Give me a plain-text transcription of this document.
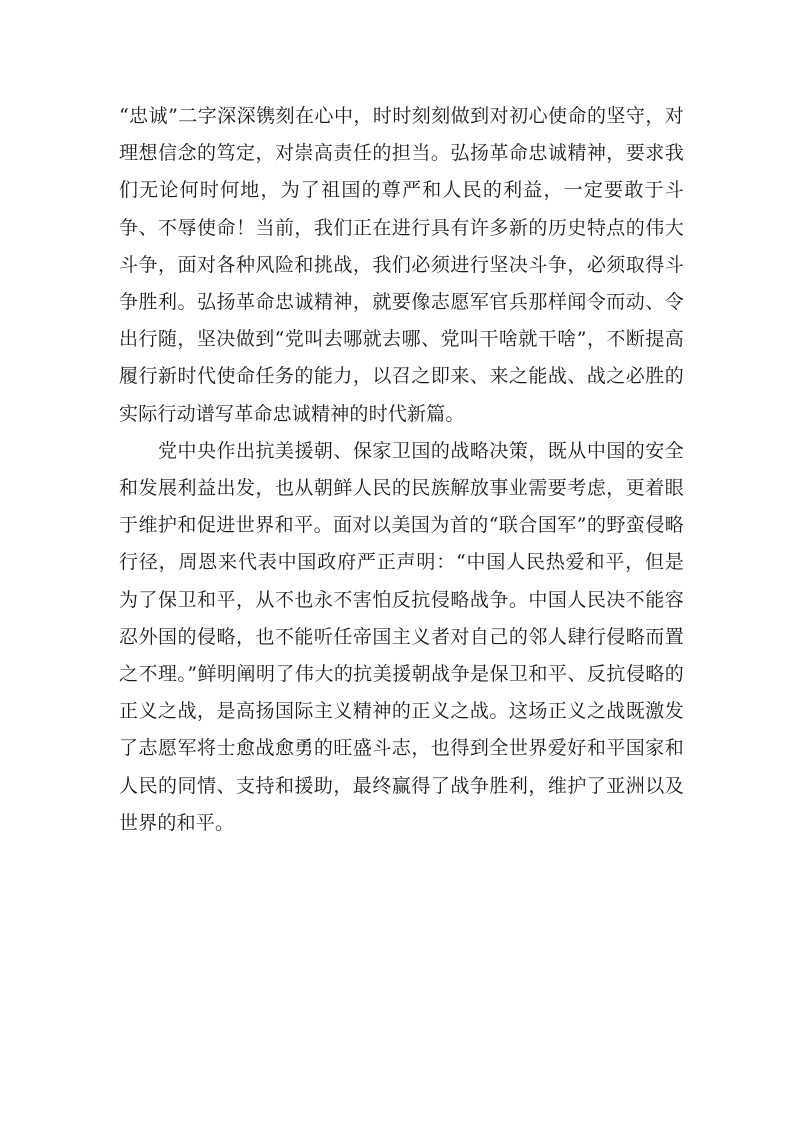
“忠诚”二字深深镌刻在心中，时时刻刻做到对初心使命的坚守，对理想信念的笃定，对崇高责任的担当。弘扬革命忠诚精神，要求我们无论何时何地，为了祖国的尊严和人民的利益，一定要敢于斗争、不辱使命！当前，我们正在进行具有许多新的历史特点的伟大斗争，面对各种风险和挑战，我们必须进行坚决斗争，必须取得斗争胜利。弘扬革命忠诚精神，就要像志愿军官兵那样闻令而动、令出行随，坚决做到“党叫去哪就去哪、党叫干啥就干啥”，不断提高履行新时代使命任务的能力，以召之即来、来之能战、战之必胜的实际行动谱写革命忠诚精神的时代新篇。

党中央作出抗美援朝、保家卫国的战略决策，既从中国的安全和发展利益出发，也从朝鲜人民的民族解放事业需要考虑，更着眼于维护和促进世界和平。面对以美国为首的“联合国军”的野蛮侵略行径，周恩来代表中国政府严正声明：“中国人民热爱和平，但是为了保卫和平，从不也永不害怕反抗侵略战争。中国人民决不能容忍外国的侵略，也不能听任帝国主义者对自己的邻人肆行侵略而置之不理。”鲜明阐明了伟大的抗美援朝战争是保卫和平、反抗侵略的正义之战，是高扬国际主义精神的正义之战。这场正义之战既激发了志愿军将士愈战愈勇的旺盛斗志，也得到全世界爱好和平国家和人民的同情、支持和援助，最终赢得了战争胜利，维护了亚洲以及世界的和平。
